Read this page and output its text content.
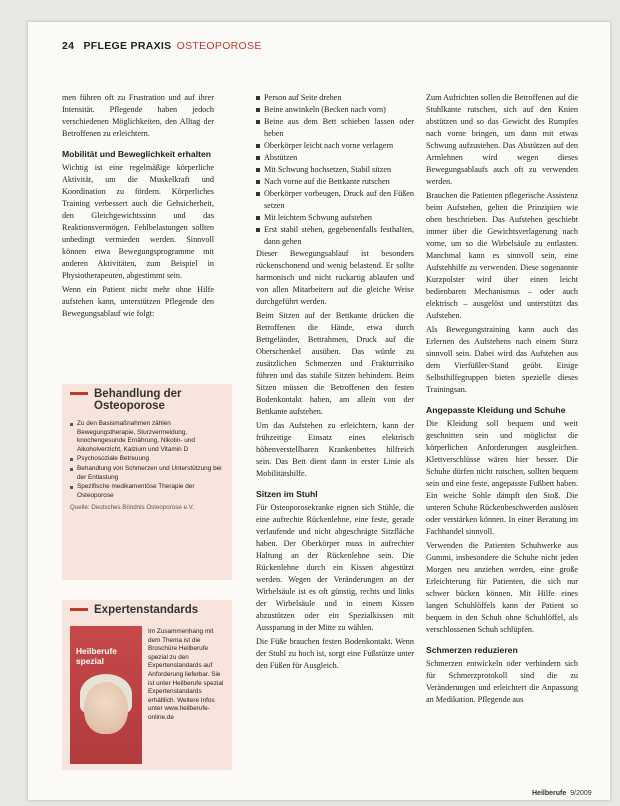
24 PFLEGE PRAXIS OSTEOPOROSE

men führen oft zu Frustration und auf ihrer Intensität. Pflegende haben jedoch verschiedenen Möglichkeiten, den Alltag der Betroffenen zu erleichtern.

Mobilität und Beweglichkeit erhalten

Wichtig ist eine regelmäßige körperliche Aktivität, um die Muskelkraft und Koordination zu fördern. Körperliches Training verbessert auch die Gehsicherheit, den Gleichgewichtssinn und das Reaktionsvermögen. Fehlbelastungen sollten unbedingt vermieden werden. Sinnvoll können etwa Bewegungsprogramme mit anderen Aktivitäten, zum Beispiel in Physiotherapeuten, abgestimmt sein.

Wenn ein Patient nicht mehr ohne Hilfe aufstehen kann, unterstützen Pflegende den Bewegungsablauf wie folgt:

Behandlung der
Osteoporose
Zu den Basismaßnahmen zählen Bewegungstherapie, Sturzvermeidung, knochengesunde Ernährung, Nikotin- und Alkoholverzicht, Kalzium und Vitamin D
Psychosoziale Betreuung
Behandlung von Schmerzen und Unterstützung bei der Entlastung
Spezifische medikamentöse Therapie der Osteoporose
Quelle: Deutsches Bündnis Osteoporose e.V.
Expertenstandards
Heilberufe spezial
Im Zusammenhang mit dem Thema ist die Broschüre Heilberufe spezial zu den Expertenstandards auf Anforderung lieferbar. Sie ist unter Heilberufe spezial Expertenstandards erhältlich. Weitere Infos unter www.heilberufe-online.de
Person auf Seite drehen
Beine anwinkeln (Becken nach vorn)
Beine aus dem Bett schieben lassen oder heben
Oberkörper leicht nach vorne verlagern
Abstützen
Mit Schwung hochsetzen, Stabil sitzen
Nach vorne auf die Bettkante rutschen
Oberkörper vorbeugen, Druck auf den Füßen setzen
Mit leichtem Schwung aufstehen
Erst stabil stehen, gegebenenfalls festhalten, dann gehen

Dieser Bewegungsablauf ist besonders rückenschonend und wenig belastend. Er sollte harmonisch und nicht ruckartig ablaufen und von allen Mitarbeitern auf die gleiche Weise durchgeführt werden.

Beim Sitzen auf der Bettkante drücken die Betroffenen die Hände, etwa durch Bettgeländer, Bettrahmen, Druck auf die Oberschenkel ausüben. Das würde zu zusätzlichen Schmerzen und Frakturrisiko führen und das stabile Sitzen behindern. Beim Sitzen müssen die Betroffenen den festen Bodenkontakt haben, am allein von der Bettkante aufstehen.

Um das Aufstehen zu erleichtern, kann der frühzeitige Einsatz eines elektrisch höhenverstellbaren Krankenbettes hilfreich sein. Das Bett dient dann in erster Linie als Mobilitätshilfe.

Sitzen im Stuhl

Für Osteoporosekranke eignen sich Stühle, die eine aufrechte Rückenlehne, eine feste, gerade verlaufende und nicht abgeschrägte Sitzfläche haben. Der Oberkörper muss in aufrechter Haltung an der Rückenlehne sein. Die Rückenlehne durch ein Kissen abgestützt werden. Wegen der Veränderungen an der Wirbelsäule ist es oft günstig, rechts und links der Wirbelsäule und in einem Kissen abzustützen oder ein Spezialkissen mit Aussparung in der Mitte zu wählen.

Die Füße brauchen festen Bodenkontakt. Wenn der Stuhl zu hoch ist, sorgt eine Fußstütze unter den Füßen für Ausgleich.

Zum Aufrichten sollen die Betroffenen auf die Stuhlkante rutschen, sich auf den Knien abstützen und so das Gewicht des Rumpfes nach vorne bringen, um dann mit etwas Schwung aufzustehen. Das Abstützen auf den Armlehnen wird wegen dieses Bewegungsablaufs auch oft zu verwenden werden.

Brauchen die Patienten pflegerische Assistenz beim Aufstehen, gelten die Prinzipien wie oben beschrieben. Das Aufstehen geschieht immer über die Gewichtsverlagerung nach vorne, um so die Wirbelsäule zu entlasten. Manchmal kann es sinnvoll sein, eine Aufstehhilfe zu verwenden. Diese sogenannte Kurzpolster wird über einen leicht bedienbaren Mechanismus – oder auch elektrisch – ausgelöst und unterstützt das Aufstehen.

Als Bewegungstraining kann auch das Erlernen des Aufstehens nach einem Sturz sinnvoll sein. Dabei wird das Aufstehen aus dem Vierfüßler-Stand geübt. Einige Selbsthilfegruppen bieten spezielle dieses Trainingsan.

Angepasste Kleidung und Schuhe

Die Kleidung soll bequem und weit geschnitten sein und möglichst die körperlichen Anforderungen ausgleichen. Klettverschlüsse wären hier besser. Die Schuhe dürfen nicht rutschen, sollten bequem sein und eine feste, angepasste Fußbett haben. Ein weiche Sohle dämpft den Stoß. Die unteren Schuhe Rückenbeschwerden auslösen oder verstärken können. In einer Beratung im Fachhandel sinnvoll.

Verwenden die Patienten Schuhwerke aus Gummi, insbesondere die Schuhe nicht jeden Morgen neu anziehen werden, eine große Erleichterung für Patienten, die sich nur schwer bücken können. Mit Hilfe eines langen Schuhlöffels kann der Patient so bequem in den Schuh ohne Schuhlöffel, als verschlossenen Schuh schlüpfen.

Schmerzen reduzieren

Schmerzen entwickeln oder verhindern sich für Schmerzprotokoll sind die zu Veränderungen und erleichtert die Anpassung an Medikation. Pflegende aus

Heilberufe 9/2009
